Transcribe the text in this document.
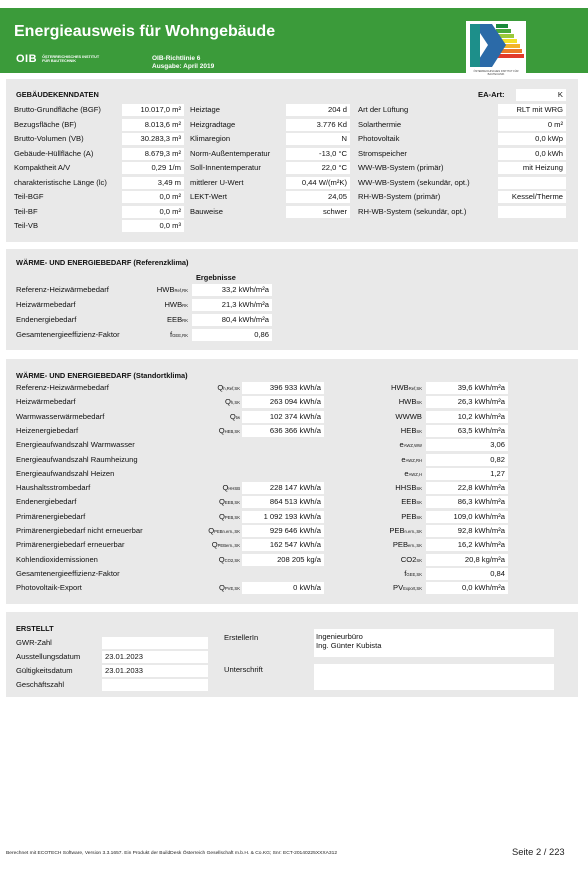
Energieausweis für Wohngebäude
OIB ÖSTERREICHISCHES INSTITUT FÜR BAUTECHNIK	OIB-Richtlinie 6
Ausgabe: April 2019
ÖSTERREICHISCHES INSTITUT FÜR BAUTECHNIK
GEBÄUDEKENNDATEN	EA-Art:	K
Brutto-Grundfläche (BGF)	10.017,0 m²	Heiztage	204 d	Art der Lüftung	RLT mit WRG
Bezugsfläche (BF)	8.013,6 m²	Heizgradtage	3.776 Kd	Solarthermie	0 m²
Brutto-Volumen (VB)	30.283,3 m³	Klimaregion	N	Photovoltaik	0,0 kWp
Gebäude-Hüllfläche (A)	8.679,3 m²	Norm-Außentemperatur	-13,0 °C	Stromspeicher	0,0 kWh
Kompaktheit A/V	0,29 1/m	Soll-Innentemperatur	22,0 °C	WW-WB-System (primär)	mit Heizung
charakteristische Länge (lc)	3,49 m	mittlerer U-Wert	0,44 W/(m²K)	WW-WB-System (sekundär, opt.)
Teil-BGF	0,0 m²	LEKT-Wert	24,05	RH-WB-System (primär)	Kessel/Therme
Teil-BF	0,0 m²	Bauweise	schwer	RH-WB-System (sekundär, opt.)
Teil-VB	0,0 m³
WÄRME- UND ENERGIEBEDARF (Referenzklima)
Ergebnisse
Referenz-Heizwärmebedarf	HWBRef,RK	33,2 kWh/m²a
Heizwärmebedarf	HWBRK	21,3 kWh/m²a
Endenergiebedarf	EEBRK	80,4 kWh/m²a
Gesamtenergieeffizienz-Faktor	fGEE,RK	0,86
WÄRME- UND ENERGIEBEDARF (Standortklima)
Referenz-Heizwärmebedarf	Qh,Ref,SK	396 933 kWh/a	HWBRef,SK	39,6 kWh/m²a
Heizwärmebedarf	Qh,SK	263 094 kWh/a	HWBSK	26,3 kWh/m²a
Warmwasserwärmebedarf	Qtw	102 374 kWh/a	WWWB	10,2 kWh/m²a
Heizenergiebedarf	QHEB,SK	636 366 kWh/a	HEBSK	63,5 kWh/m²a
Energieaufwandszahl Warmwasser	eAWZ,WW	3,06
Energieaufwandszahl Raumheizung	eAWZ,RH	0,82
Energieaufwandszahl Heizen	eAWZ,H	1,27
Haushaltsstrombedarf	QHHSB	228 147 kWh/a	HHSBSK	22,8 kWh/m²a
Endenergiebedarf	QEEB,SK	864 513 kWh/a	EEBSK	86,3 kWh/m²a
Primärenergiebedarf	QPEB,SK	1 092 193 kWh/a	PEBSK	109,0 kWh/m²a
Primärenergiebedarf nicht erneuerbar	QPEBn.ern.,SK	929 646 kWh/a	PEBn.ern.,SK	92,8 kWh/m²a
Primärenergiebedarf erneuerbar	QPEBern.,SK	162 547 kWh/a	PEBern.,SK	16,2 kWh/m²a
Kohlendioxidemissionen	QCO2,SK	208 205 kg/a	CO2SK	20,8 kg/m²a
Gesamtenergieeffizienz-Faktor	fGEE,SK	0,84
Photovoltaik-Export	QPVE,SK	0 kWh/a	PVExport,SK	0,0 kWh/m²a
ERSTELLT
GWR-Zahl
Ausstellungsdatum	23.01.2023
Gültigkeitsdatum	23.01.2033
Geschäftszahl
ErstellerIn	Ingenieurbüro
Ing. Günter Kubista
Unterschrift
Berechnet mit ECOTECH Software, Version 3.3.1657. Ein Produkt der BuildDesk Österreich Gesellschaft m.b.H. & Co.KG; Snr: ECT-20140225XXXA312	Seite 2 / 223
